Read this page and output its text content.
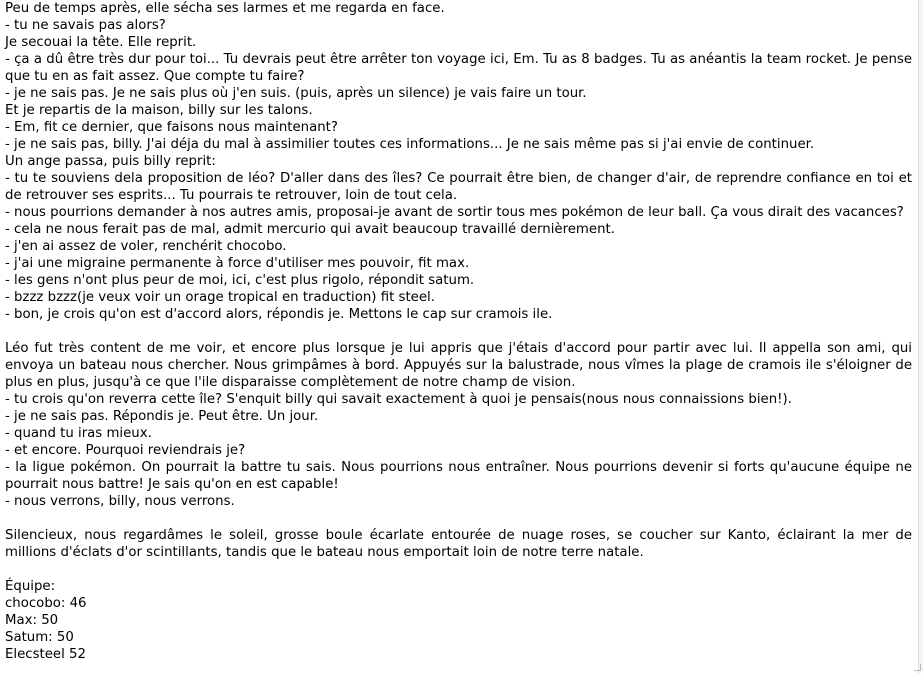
Peu de temps après, elle sécha ses larmes et me regarda en face.

- tu ne savais pas alors?

Je secouai la tête. Elle reprit.

- ça a dû être très dur pour toi... Tu devrais peut être arrêter ton voyage ici, Em. Tu as 8 badges. Tu as anéantis la team rocket. Je pense que tu en as fait assez. Que compte tu faire?

- je ne sais pas. Je ne sais plus où j'en suis. (puis, après un silence) je vais faire un tour.

Et je repartis de la maison, billy sur les talons.

- Em, fit ce dernier, que faisons nous maintenant?

- je ne sais pas, billy. J'ai déja du mal à assimilier toutes ces informations... Je ne sais même pas si j'ai envie de continuer.

Un ange passa, puis billy reprit:

- tu te souviens dela proposition de léo? D'aller dans des îles? Ce pourrait être bien, de changer d'air, de reprendre confiance en toi et de retrouver ses esprits... Tu pourrais te retrouver, loin de tout cela.

- nous pourrions demander à nos autres amis, proposai-je avant de sortir tous mes pokémon de leur ball. Ça vous dirait des vacances?

- cela ne nous ferait pas de mal, admit mercurio qui avait beaucoup travaillé dernièrement.

- j'en ai assez de voler, renchérit chocobo.

- j'ai une migraine permanente à force d'utiliser mes pouvoir, fit max.

- les gens n'ont plus peur de moi, ici, c'est plus rigolo, répondit satum.

- bzzz bzzz(je veux voir un orage tropical en traduction) fit steel.

- bon, je crois qu'on est d'accord alors, répondis je. Mettons le cap sur cramois ile.

Léo fut très content de me voir, et encore plus lorsque je lui appris que j'étais d'accord pour partir avec lui. Il appella son ami, qui envoya un bateau nous chercher. Nous grimpâmes à bord. Appuyés sur la balustrade, nous vîmes la plage de cramois ile s'éloigner de plus en plus, jusqu'à ce que l'ile disparaisse complètement de notre champ de vision.

- tu crois qu'on reverra cette île? S'enquit billy qui savait exactement à quoi je pensais(nous nous connaissions bien!).

- je ne sais pas. Répondis je. Peut être. Un jour.

- quand tu iras mieux.

- et encore. Pourquoi reviendrais je?

- la ligue pokémon. On pourrait la battre tu sais. Nous pourrions nous entraîner. Nous pourrions devenir si forts qu'aucune équipe ne pourrait nous battre! Je sais qu'on en est capable!

- nous verrons, billy, nous verrons.

Silencieux, nous regardâmes le soleil, grosse boule écarlate entourée de nuage roses, se coucher sur Kanto, éclairant la mer de millions d'éclats d'or scintillants, tandis que le bateau nous emportait loin de notre terre natale.

Équipe:

chocobo: 46

Max: 50

Satum: 50

Elecsteel 52
